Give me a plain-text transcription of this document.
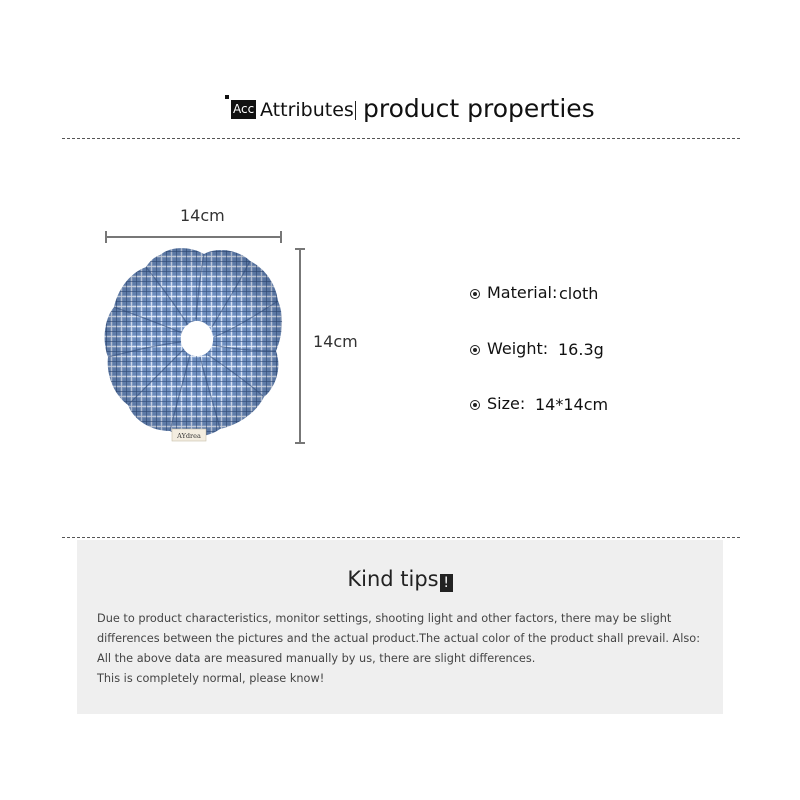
Acc Attributes product properties
14cm
14cm
AYdrea
Material: cloth
Weight: 16.3g
Size: 14*14cm
Kind tips !

Due to product characteristics, monitor settings, shooting light and other factors, there may be slight differences between the pictures and the actual product.The actual color of the product shall prevail. Also: All the above data are measured manually by us, there are slight differences.

This is completely normal, please know!
